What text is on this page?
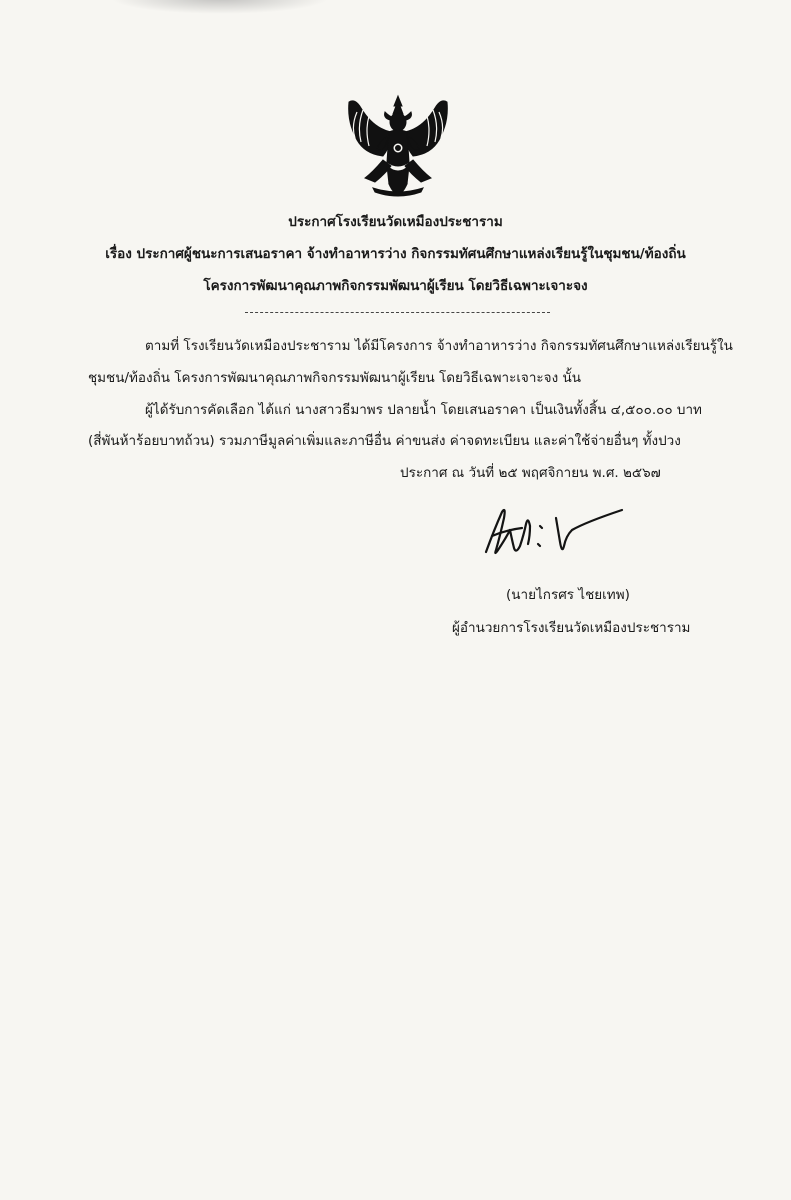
ประกาศโรงเรียนวัดเหมืองประชาราม
เรื่อง ประกาศผู้ชนะการเสนอราคา จ้างทำอาหารว่าง กิจกรรมทัศนศึกษาแหล่งเรียนรู้ในชุมชน/ท้องถิ่น
โครงการพัฒนาคุณภาพกิจกรรมพัฒนาผู้เรียน โดยวิธีเฉพาะเจาะจง
ตามที่ โรงเรียนวัดเหมืองประชาราม ได้มีโครงการ จ้างทำอาหารว่าง กิจกรรมทัศนศึกษาแหล่งเรียนรู้ใน
ชุมชน/ท้องถิ่น โครงการพัฒนาคุณภาพกิจกรรมพัฒนาผู้เรียน โดยวิธีเฉพาะเจาะจง นั้น
ผู้ได้รับการคัดเลือก ได้แก่ นางสาวธีมาพร ปลายน้ำ โดยเสนอราคา เป็นเงินทั้งสิ้น ๔,๕๐๐.๐๐ บาท
(สี่พันห้าร้อยบาทถ้วน) รวมภาษีมูลค่าเพิ่มและภาษีอื่น ค่าขนส่ง ค่าจดทะเบียน และค่าใช้จ่ายอื่นๆ ทั้งปวง
ประกาศ ณ วันที่ ๒๕ พฤศจิกายน พ.ศ. ๒๕๖๗
(นายไกรศร ไชยเทพ)
ผู้อำนวยการโรงเรียนวัดเหมืองประชาราม
